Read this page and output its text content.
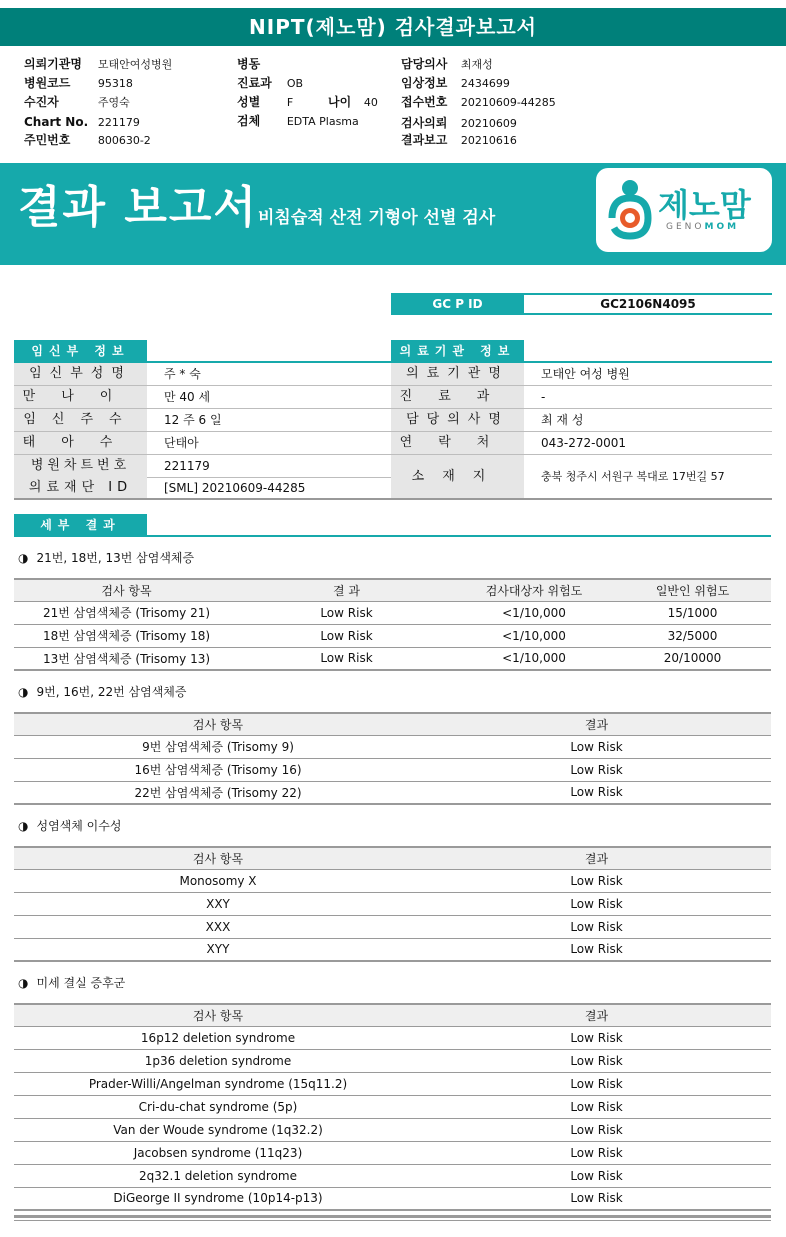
NIPT(제노맘) 검사결과보고서
의뢰기관명 모태안여성병원
병원코드 95318
수진자	주영숙
Chart No. 221179
주민번호 800630-2
병동
진료과 OB
성별 F	나이 40
검체 EDTA Plasma
담당의사 최재성
임상정보 2434699
접수번호 20210609-44285
검사의뢰 20210609
결과보고 20210616
결과 보고서 비침습적 산전 기형아 선별 검사	제노맘
GENOMOM
GC P ID	GC2106N4095
임신부 정보	의료기관 정보
임신부성명	주 * 숙
만나이	만 40 세
임신주수	12 주 6 일
태아수	단태아
병원차트번호	221179
의료재단 ID	[SML] 20210609-44285
의료기관명	모태안 여성 병원
진료과	-
담당의사명	최 재 성
연락처	043-272-0001
소재지	충북 청주시 서원구 복대로 17번길 57
세부 결과
◑ 21번, 18번, 13번 삼염색체증
검사 항목	결 과	검사대상자 위험도	일반인 위험도
21번 삼염색체증 (Trisomy 21)	Low Risk	<1/10,000	15/1000
18번 삼염색체증 (Trisomy 18)	Low Risk	<1/10,000	32/5000
13번 삼염색체증 (Trisomy 13)	Low Risk	<1/10,000	20/10000
◑ 9번, 16번, 22번 삼염색체증
검사 항목	결과
9번 삼염색체증 (Trisomy 9)	Low Risk
16번 삼염색체증 (Trisomy 16)	Low Risk
22번 삼염색체증 (Trisomy 22)	Low Risk
◑ 성염색체 이수성
검사 항목	결과
Monosomy X	Low Risk
XXY	Low Risk
XXX	Low Risk
XYY	Low Risk
◑ 미세 결실 증후군
검사 항목	결과
16p12 deletion syndrome	Low Risk
1p36 deletion syndrome	Low Risk
Prader-Willi/Angelman syndrome (15q11.2)	Low Risk
Cri-du-chat syndrome (5p)	Low Risk
Van der Woude syndrome (1q32.2)	Low Risk
Jacobsen syndrome (11q23)	Low Risk
2q32.1 deletion syndrome	Low Risk
DiGeorge II syndrome (10p14-p13)	Low Risk
